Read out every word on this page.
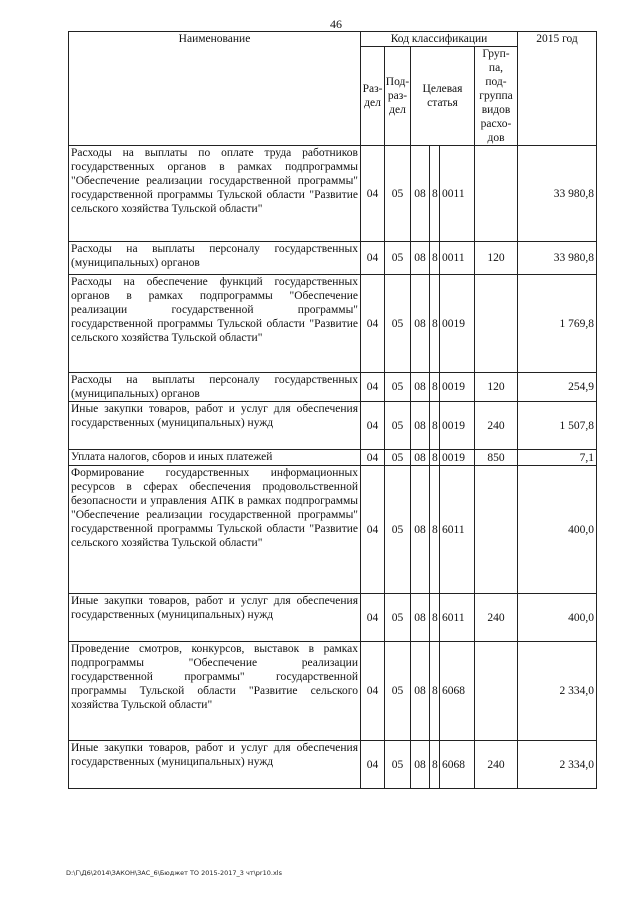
46
Наименование	Код классификации						2015 год
	Раз-дел	Под-раз-дел	Целевая статья			Груп-па, под-группа видов расхо-дов	
Расходы на выплаты по оплате труда работников государственных органов в рамках подпрограммы "Обеспечение реализации государственной программы" государственной программы Тульской области "Развитие сельского хозяйства Тульской области"	04	05	08	8	0011		33 980,8
Расходы на выплаты персоналу государственных (муниципальных) органов	04	05	08	8	0011	120	33 980,8
Расходы на обеспечение функций государственных органов в рамках подпрограммы "Обеспечение реализации государственной программы" государственной программы Тульской области "Развитие сельского хозяйства Тульской области"	04	05	08	8	0019		1 769,8
Расходы на выплаты персоналу государственных (муниципальных) органов	04	05	08	8	0019	120	254,9
Иные закупки товаров, работ и услуг для обеспечения государственных (муниципальных) нужд	04	05	08	8	0019	240	1 507,8
Уплата налогов, сборов и иных платежей	04	05	08	8	0019	850	7,1
Формирование государственных информационных ресурсов в сферах обеспечения продовольственной безопасности и управления АПК в рамках подпрограммы "Обеспечение реализации государственной программы" государственной программы Тульской области "Развитие сельского хозяйства Тульской области"	04	05	08	8	6011		400,0
Иные закупки товаров, работ и услуг для обеспечения государственных (муниципальных) нужд	04	05	08	8	6011	240	400,0
Проведение смотров, конкурсов, выставок в рамках подпрограммы "Обеспечение реализации государственной программы" государственной программы Тульской области "Развитие сельского хозяйства Тульской области"	04	05	08	8	6068		2 334,0
Иные закупки товаров, работ и услуг для обеспечения государственных (муниципальных) нужд	04	05	08	8	6068	240	2 334,0
D:\Г\Д6\2014\ЗАКОН\ЗАС_6\Бюджет ТО 2015-2017_3 чт\pr10.xls
